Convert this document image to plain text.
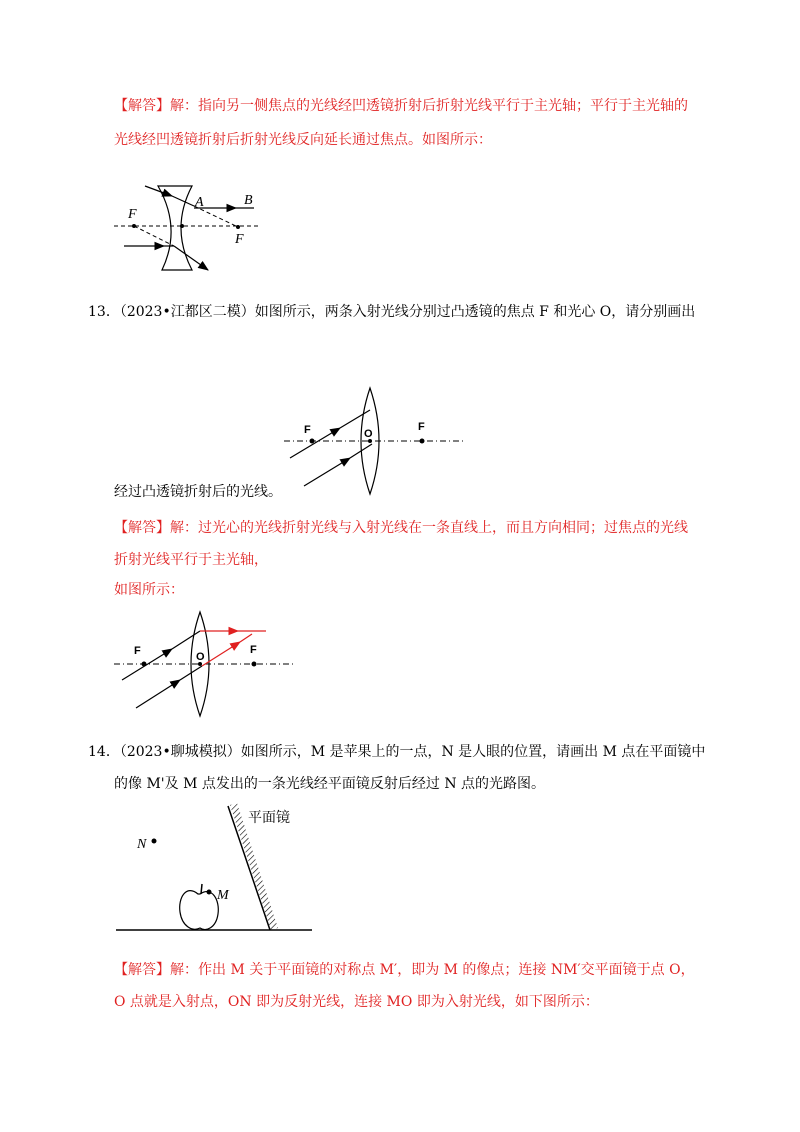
【解答】解：指向另一侧焦点的光线经凹透镜折射后折射光线平行于主光轴；平行于主光轴的
光线经凹透镜折射后折射光线反向延长通过焦点。如图所示：
F
A	B
F
13．（2023•江都区二模）如图所示，两条入射光线分别过凸透镜的焦点 F 和光心 O，请分别画出
F	O
F
经过凸透镜折射后的光线。
【解答】解：过光心的光线折射光线与入射光线在一条直线上，而且方向相同；过焦点的光线
折射光线平行于主光轴，
如图所示：
F	O
F
14．（2023•聊城模拟）如图所示，M 是苹果上的一点，N 是人眼的位置，请画出 M 点在平面镜中
的像 M'及 M 点发出的一条光线经平面镜反射后经过 N 点的光路图。
平面镜
N
M
【解答】解：作出 M 关于平面镜的对称点 M′，即为 M 的像点；连接 NM′交平面镜于点 O，
O 点就是入射点，ON 即为反射光线，连接 MO 即为入射光线，如下图所示：
